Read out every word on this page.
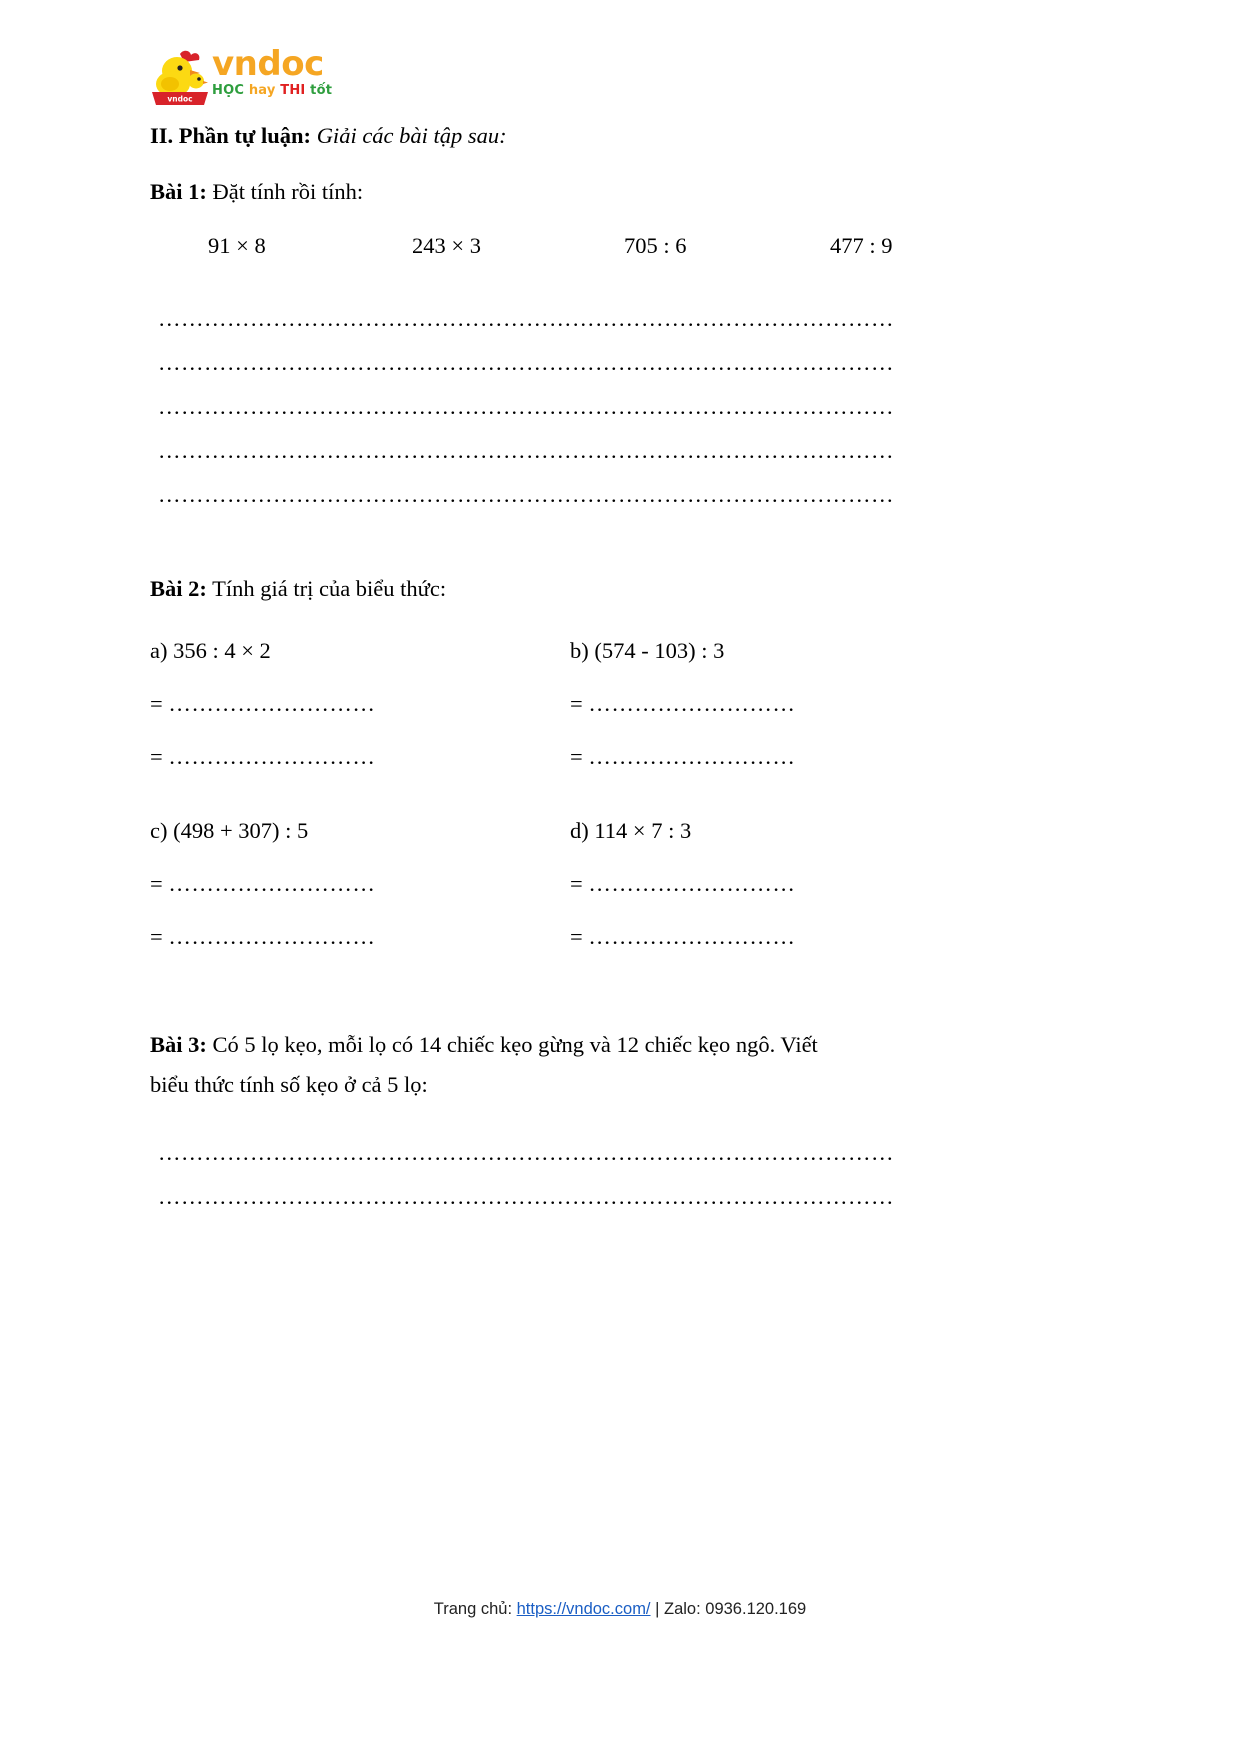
vndoc
vndoc
HỌC hay THI tốt

II. Phần tự luận: Giải các bài tập sau:

Bài 1: Đặt tính rồi tính:

91 × 8	243 × 3	705 : 6	477 : 9
……………………………………………………………………………………
……………………………………………………………………………………
……………………………………………………………………………………
……………………………………………………………………………………
……………………………………………………………………………………

Bài 2: Tính giá trị của biểu thức:

a) 356 : 4 × 2

= ………………………

= ………………………

b) (574 - 103) : 3

= ………………………

= ………………………

c) (498 + 307) : 5

= ………………………

= ………………………

d) 114 × 7 : 3

= ………………………

= ………………………

Bài 3: Có 5 lọ kẹo, mỗi lọ có 14 chiếc kẹo gừng và 12 chiếc kẹo ngô. Viết

biểu thức tính số kẹo ở cả 5 lọ:

……………………………………………………………………………………
……………………………………………………………………………………
Trang chủ: https://vndoc.com/ | Zalo: 0936.120.169
